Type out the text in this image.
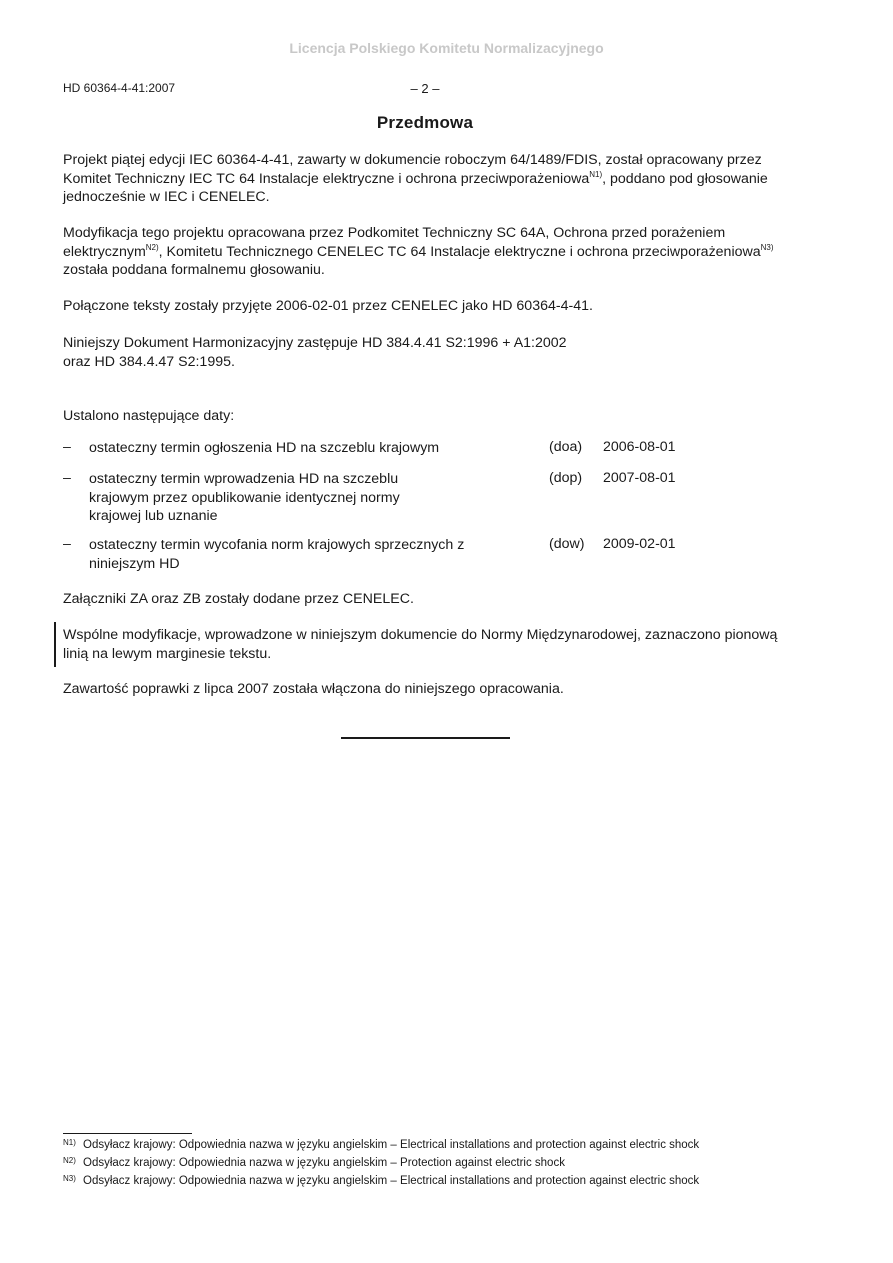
Licencja Polskiego Komitetu Normalizacyjnego
HD 60364-4-41:2007	– 2 –
Przedmowa

Projekt piątej edycji IEC 60364-4-41, zawarty w dokumencie roboczym 64/1489/FDIS, został opracowany przez Komitet Techniczny IEC TC 64 Instalacje elektryczne i ochrona przeciwporażeniowa$^{N1)}$, poddano pod głosowanie jednocześnie w IEC i CENELEC.

Modyfikacja tego projektu opracowana przez Podkomitet Techniczny SC 64A, Ochrona przed porażeniem elektrycznym$^{N2)}$, Komitetu Technicznego CENELEC TC 64 Instalacje elektryczne i ochrona przeciwporażeniowa$^{N3)}$ została poddana formalnemu głosowaniu.

Połączone teksty zostały przyjęte 2006-02-01 przez CENELEC jako HD 60364-4-41.

Niniejszy Dokument Harmonizacyjny zastępuje HD 384.4.41 S2:1996 + A1:2002
oraz HD 384.4.47 S2:1995.

Ustalono następujące daty:

– ostateczny termin ogłoszenia HD na szczeblu krajowym	(doa) 2006-08-01
– ostateczny termin wprowadzenia HD na szczeblu krajowym przez opublikowanie identycznej normy krajowej lub uznanie
(dop) 2007-08-01
– ostateczny termin wycofania norm krajowych sprzecznych z niniejszym HD
(dow) 2009-02-01

Załączniki ZA oraz ZB zostały dodane przez CENELEC.

Wspólne modyfikacje, wprowadzone w niniejszym dokumencie do Normy Międzynarodowej, zaznaczono pionową linią na lewym marginesie tekstu.

Zawartość poprawki z lipca 2007 została włączona do niniejszego opracowania.

N1) Odsyłacz krajowy: Odpowiednia nazwa w języku angielskim – Electrical installations and protection against electric shock
N2) Odsyłacz krajowy: Odpowiednia nazwa w języku angielskim – Protection against electric shock
N3) Odsyłacz krajowy: Odpowiednia nazwa w języku angielskim – Electrical installations and protection against electric shock
